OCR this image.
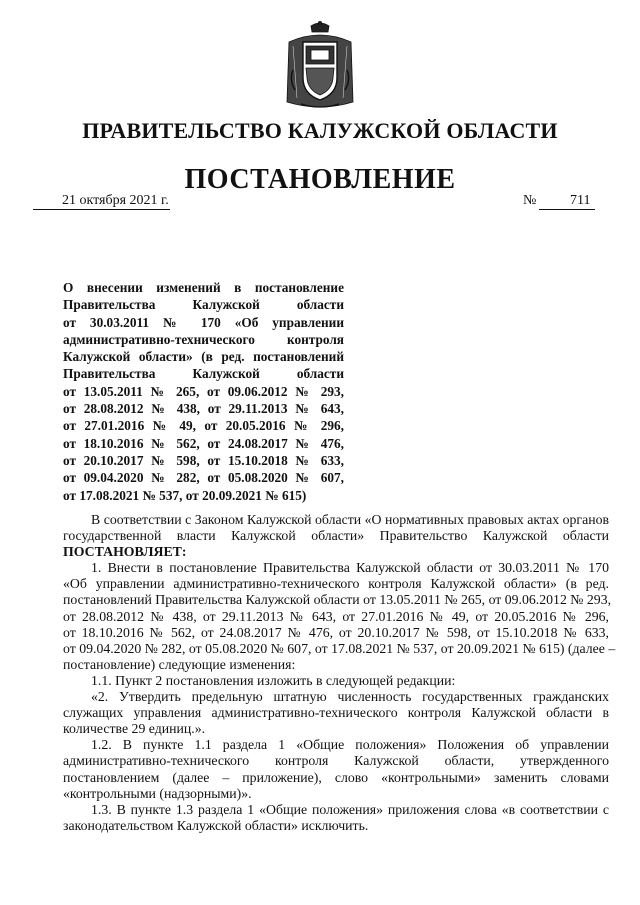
ПРАВИТЕЛЬСТВО КАЛУЖСКОЙ ОБЛАСТИ
ПОСТАНОВЛЕНИЕ
21 октября 2021 г.	№ 711
О внесении изменений в постановление
Правительства Калужской области
от 30.03.2011 № 170 «Об управлении
административно-технического контроля
Калужской области» (в ред. постановлений
Правительства Калужской области
от 13.05.2011 № 265, от 09.06.2012 № 293,
от 28.08.2012 № 438, от 29.11.2013 № 643,
от 27.01.2016 № 49, от 20.05.2016 № 296,
от 18.10.2016 № 562, от 24.08.2017 № 476,
от 20.10.2017 № 598, от 15.10.2018 № 633,
от 09.04.2020 № 282, от 05.08.2020 № 607,
от 17.08.2021 № 537, от 20.09.2021 № 615)
В соответствии с Законом Калужской области «О нормативных правовых актах органов
государственной власти Калужской области» Правительство Калужской области
ПОСТАНОВЛЯЕТ:
1. Внести в постановление Правительства Калужской области от 30.03.2011 № 170
«Об управлении административно-технического контроля Калужской области» (в ред.
постановлений Правительства Калужской области от 13.05.2011 № 265, от 09.06.2012 № 293,
от 28.08.2012 № 438, от 29.11.2013 № 643, от 27.01.2016 № 49, от 20.05.2016 № 296,
от 18.10.2016 № 562, от 24.08.2017 № 476, от 20.10.2017 № 598, от 15.10.2018 № 633,
от 09.04.2020 № 282, от 05.08.2020 № 607, от 17.08.2021 № 537, от 20.09.2021 № 615) (далее –
постановление) следующие изменения:
1.1. Пункт 2 постановления изложить в следующей редакции:
«2. Утвердить предельную штатную численность государственных гражданских
служащих управления административно-технического контроля Калужской области в
количестве 29 единиц.».
1.2. В пункте 1.1 раздела 1 «Общие положения» Положения об управлении
административно-технического контроля Калужской области, утвержденного
постановлением (далее – приложение), слово «контрольными» заменить словами
«контрольными (надзорными)».
1.3. В пункте 1.3 раздела 1 «Общие положения» приложения слова «в соответствии с
законодательством Калужской области» исключить.
